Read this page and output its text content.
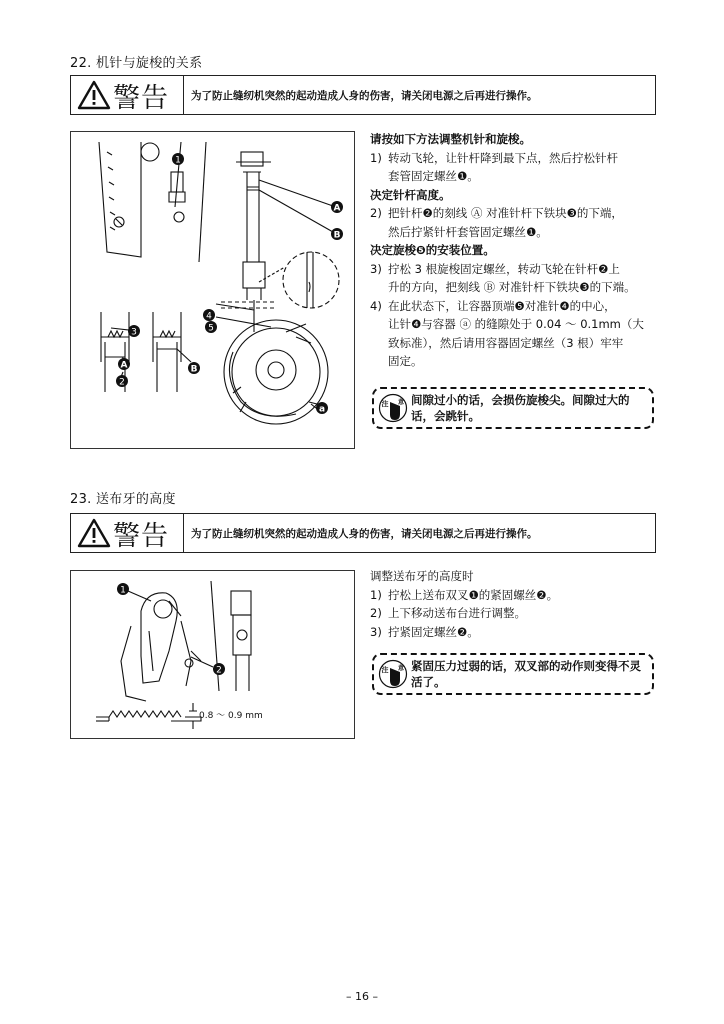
22. 机针与旋梭的关系
警告 为了防止缝纫机突然的起动造成人身的伤害，请关闭电源之后再进行操作。
1
A
B
4
5
3
A
2
B
a
请按如下方法调整机针和旋梭。
1) 转动飞轮，让针杆降到最下点，然后拧松针杆
套管固定螺丝❶。
决定针杆高度。
2) 把针杆❷的刻线 Ⓐ 对准针杆下铁块❸的下端，
然后拧紧针杆套管固定螺丝❶。
决定旋梭❺的安装位置。
3) 拧松 3 根旋梭固定螺丝，转动飞轮在针杆❷上
升的方向，把刻线 Ⓑ 对准针杆下铁块❸的下端。
4) 在此状态下，让容器顶端❺对准针❹的中心，
让针❹与容器 ⓐ 的缝隙处于 0.04 ～ 0.1mm（大
致标准），然后请用容器固定螺丝（3 根）牢牢
固定。
注 意 间隙过小的话，会损伤旋梭尖。间隙过大的话，会跳针。
23. 送布牙的高度
警告 为了防止缝纫机突然的起动造成人身的伤害，请关闭电源之后再进行操作。
1
2
0.8 ～ 0.9 mm
调整送布牙的高度时
1) 拧松上送布双叉❶的紧固螺丝❷。
2) 上下移动送布台进行调整。
3) 拧紧固定螺丝❷。
注 意 紧固压力过弱的话，双叉部的动作则变得不灵活了。
– 16 –
